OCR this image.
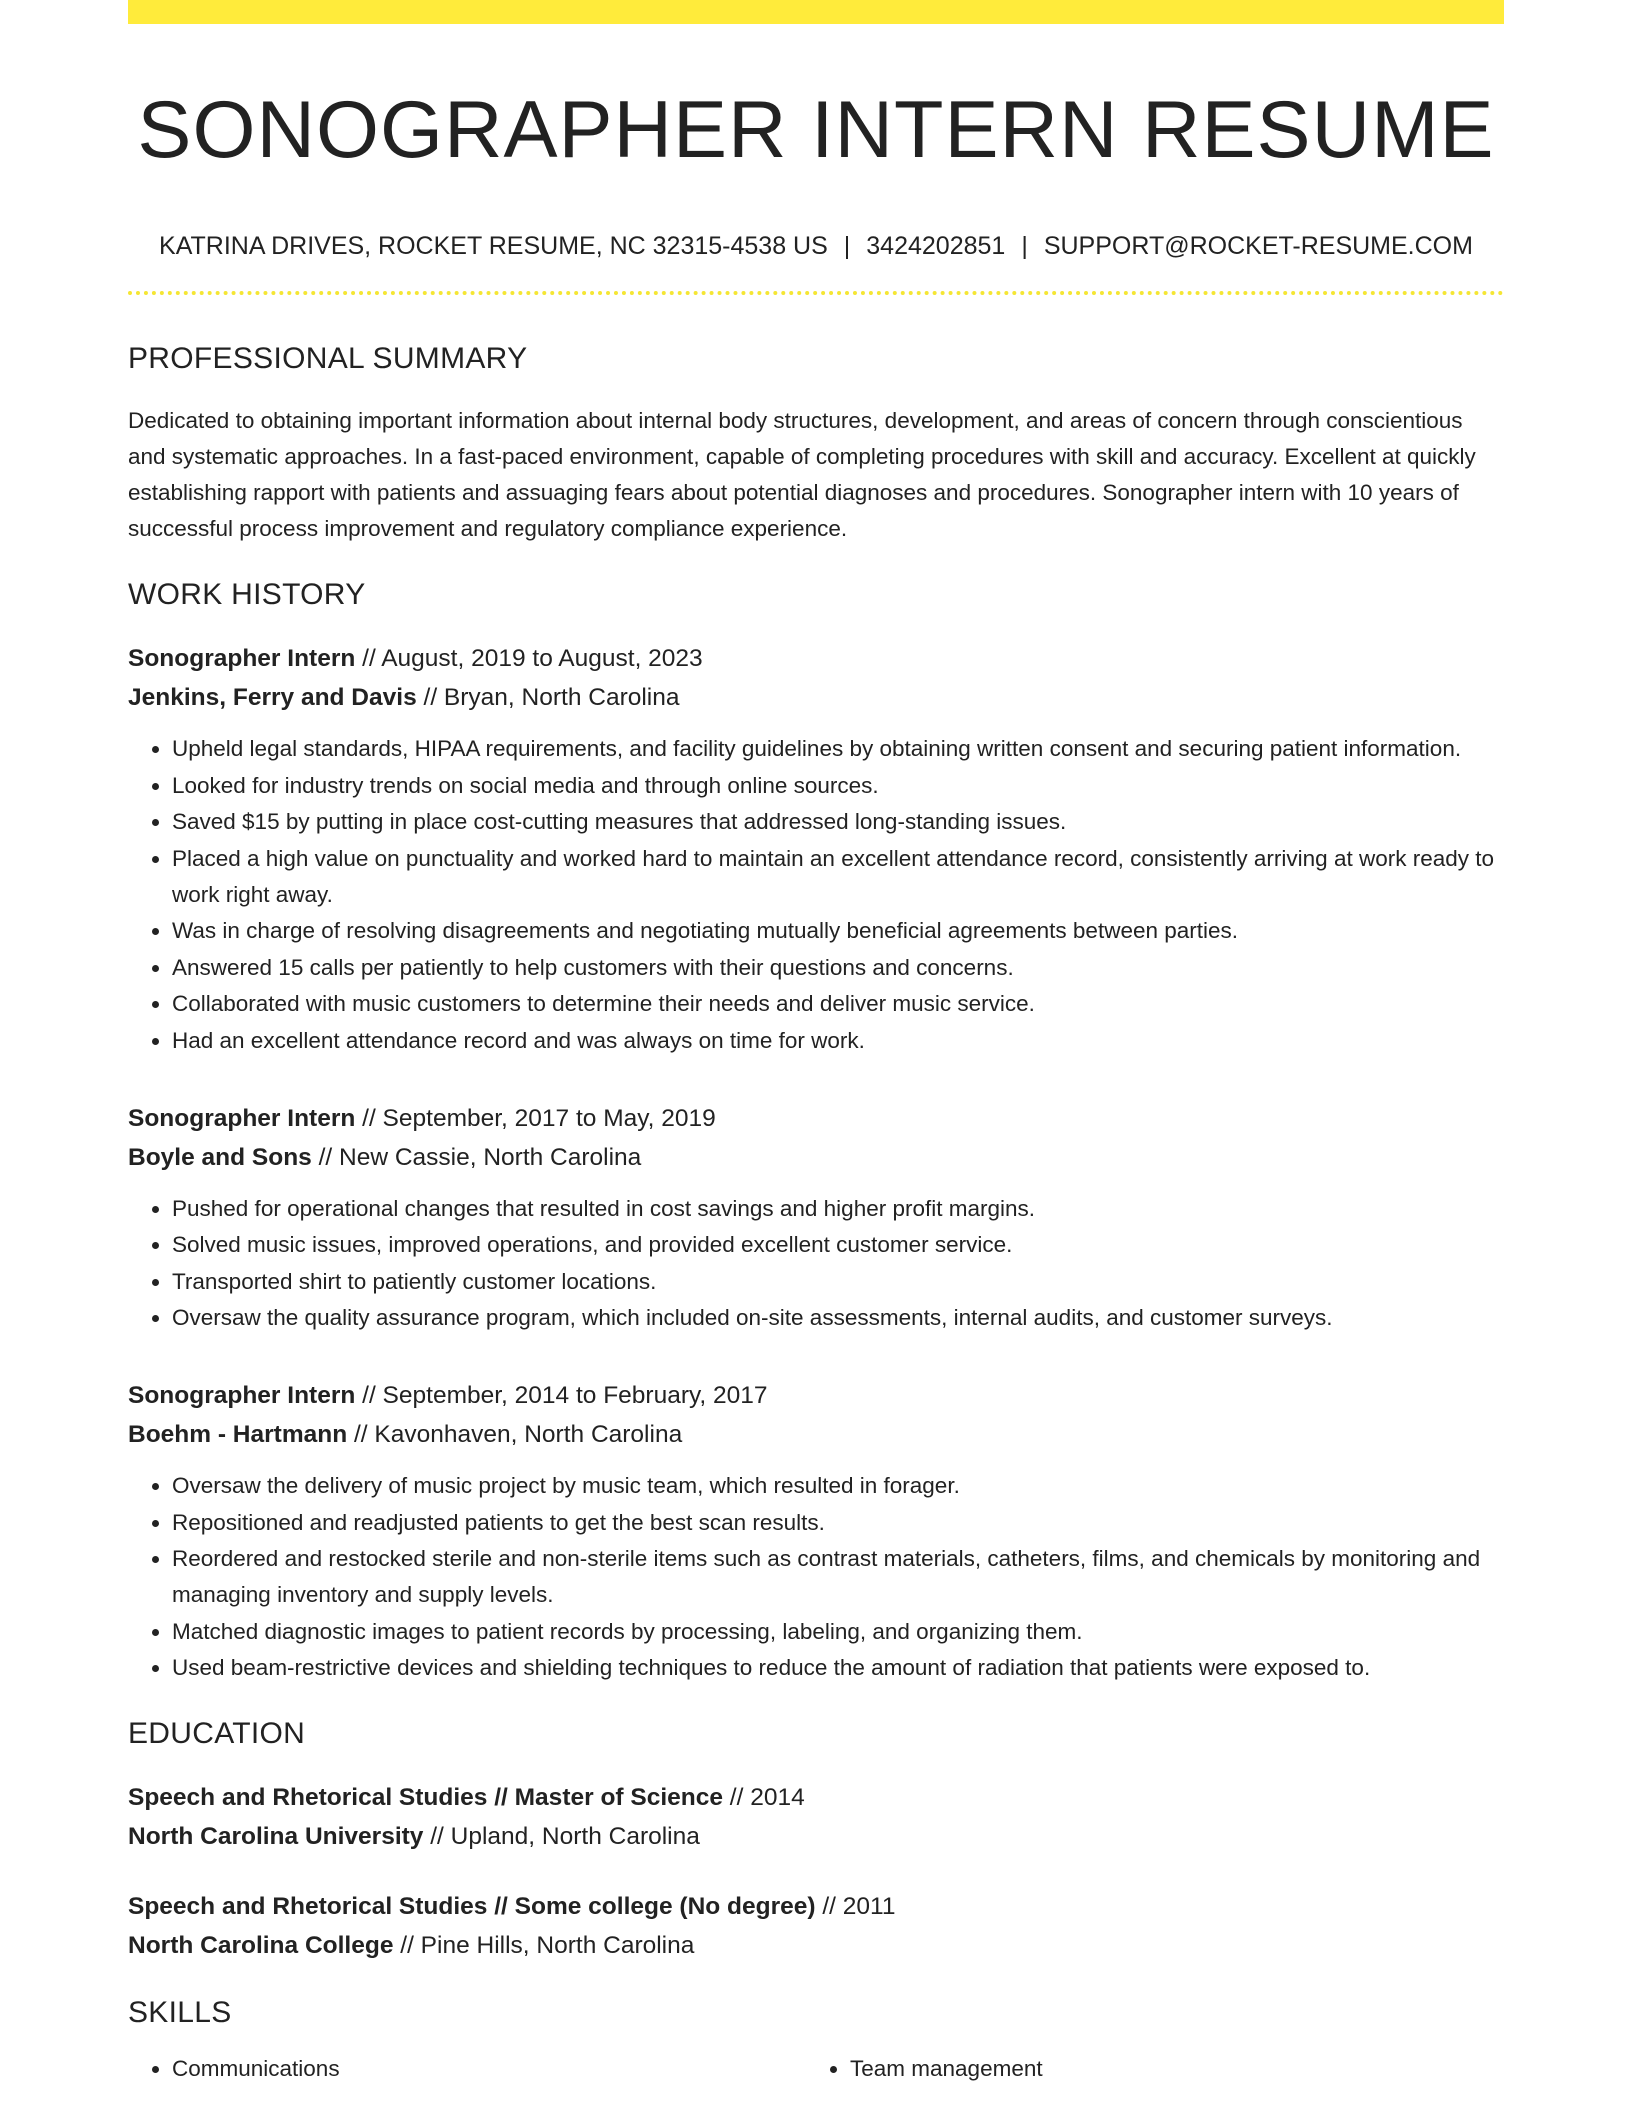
SONOGRAPHER INTERN RESUME
KATRINA DRIVES, ROCKET RESUME, NC 32315-4538 US | 3424202851 | SUPPORT@ROCKET-RESUME.COM
PROFESSIONAL SUMMARY

Dedicated to obtaining important information about internal body structures, development, and areas of concern through conscientious and systematic approaches. In a fast-paced environment, capable of completing procedures with skill and accuracy. Excellent at quickly establishing rapport with patients and assuaging fears about potential diagnoses and procedures. Sonographer intern with 10 years of successful process improvement and regulatory compliance experience.

WORK HISTORY
Sonographer Intern // August, 2019 to August, 2023
Jenkins, Ferry and Davis // Bryan, North Carolina
• Upheld legal standards, HIPAA requirements, and facility guidelines by obtaining written consent and securing patient information.
• Looked for industry trends on social media and through online sources.
• Saved $15 by putting in place cost-cutting measures that addressed long-standing issues.
• Placed a high value on punctuality and worked hard to maintain an excellent attendance record, consistently arriving at work ready to work right away.
• Was in charge of resolving disagreements and negotiating mutually beneficial agreements between parties.
• Answered 15 calls per patiently to help customers with their questions and concerns.
• Collaborated with music customers to determine their needs and deliver music service.
• Had an excellent attendance record and was always on time for work.
Sonographer Intern // September, 2017 to May, 2019
Boyle and Sons // New Cassie, North Carolina
• Pushed for operational changes that resulted in cost savings and higher profit margins.
• Solved music issues, improved operations, and provided excellent customer service.
• Transported shirt to patiently customer locations.
• Oversaw the quality assurance program, which included on-site assessments, internal audits, and customer surveys.
Sonographer Intern // September, 2014 to February, 2017
Boehm - Hartmann // Kavonhaven, North Carolina
• Oversaw the delivery of music project by music team, which resulted in forager.
• Repositioned and readjusted patients to get the best scan results.
• Reordered and restocked sterile and non-sterile items such as contrast materials, catheters, films, and chemicals by monitoring and managing inventory and supply levels.
• Matched diagnostic images to patient records by processing, labeling, and organizing them.
• Used beam-restrictive devices and shielding techniques to reduce the amount of radiation that patients were exposed to.
EDUCATION
Speech and Rhetorical Studies // Master of Science // 2014
North Carolina University // Upland, North Carolina
Speech and Rhetorical Studies // Some college (No degree) // 2011
North Carolina College // Pine Hills, North Carolina
SKILLS
• Communications
•	Team management
